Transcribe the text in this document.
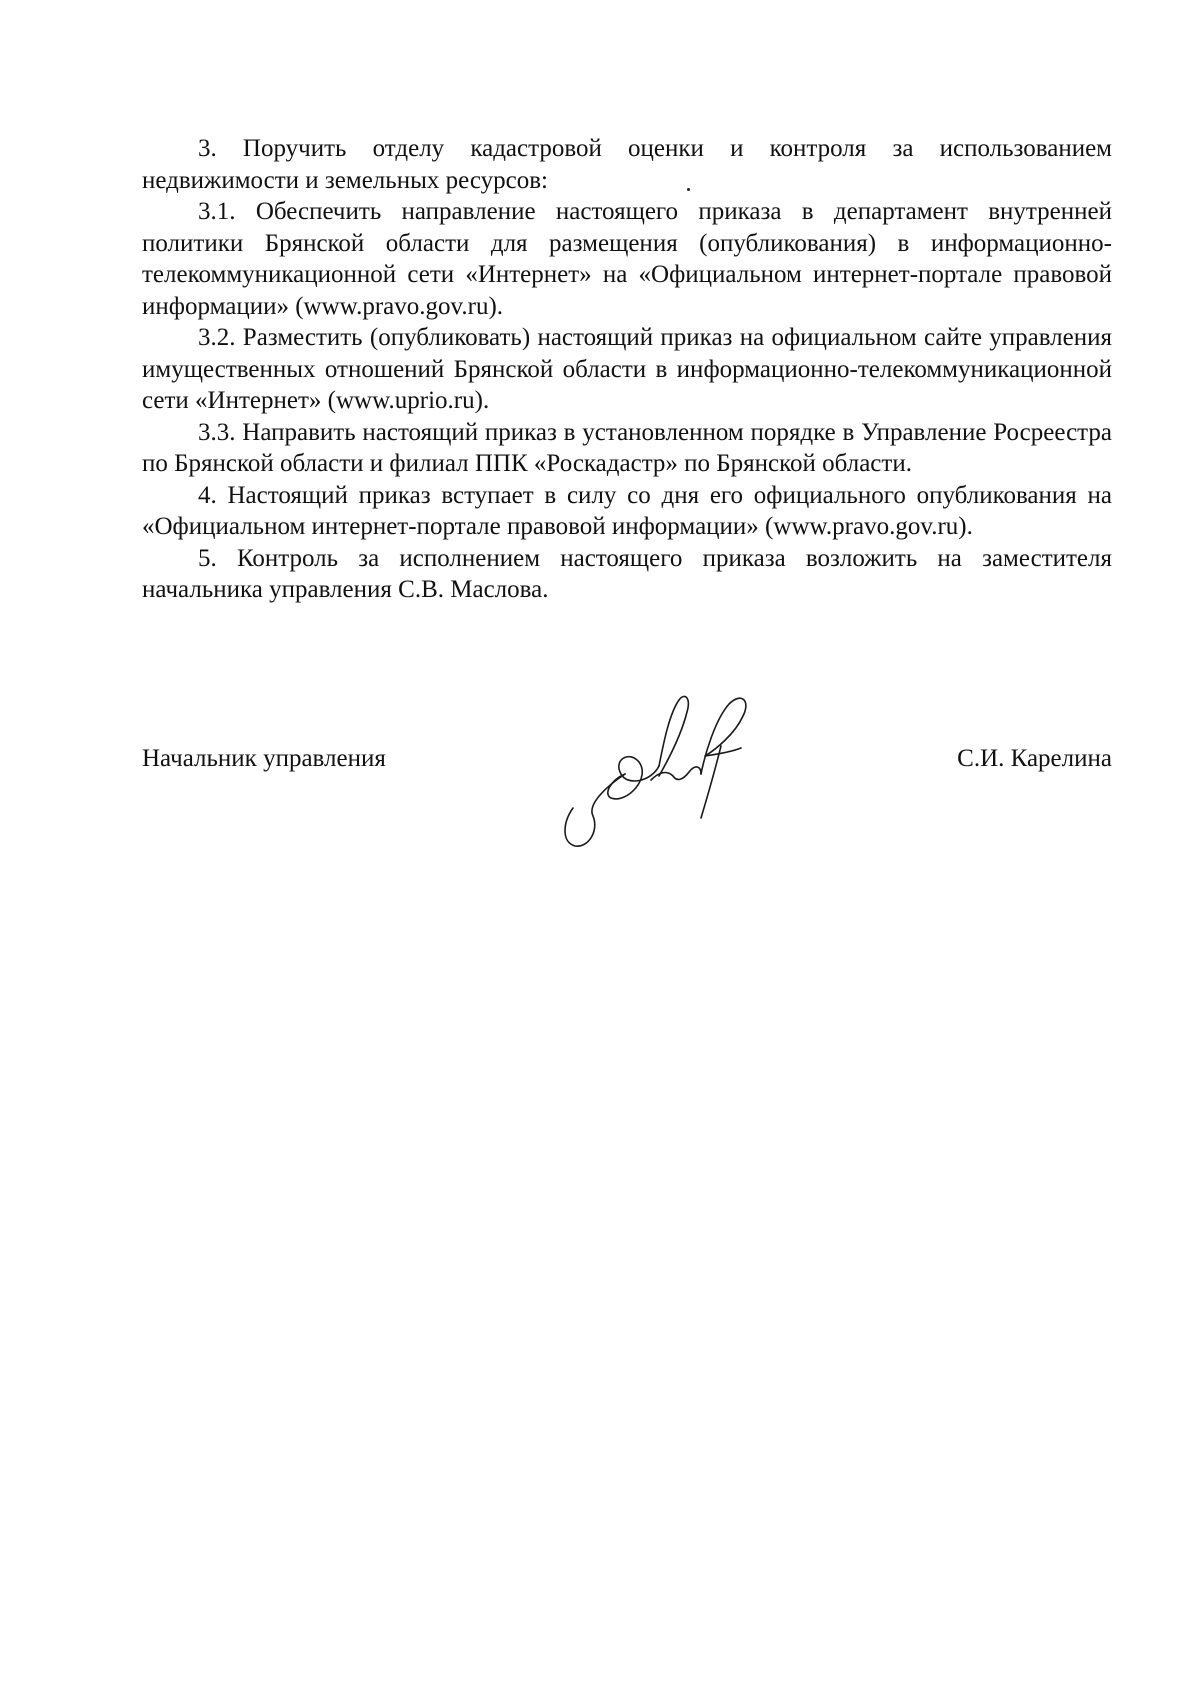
3. Поручить отделу кадастровой оценки и контроля за использованием недвижимости и земельных ресурсов:

3.1. Обеспечить направление настоящего приказа в департамент внутренней политики Брянской области для размещения (опубликования) в информационно-телекоммуникационной сети «Интернет» на «Официальном интернет-портале правовой информации» (www.pravo.gov.ru).

3.2. Разместить (опубликовать) настоящий приказ на официальном сайте управления имущественных отношений Брянской области в информационно-телекоммуникационной сети «Интернет» (www.uprio.ru).

3.3. Направить настоящий приказ в установленном порядке в Управление Росреестра по Брянской области и филиал ППК «Роскадастр» по Брянской области.

4. Настоящий приказ вступает в силу со дня его официального опубликования на «Официальном интернет-портале правовой информации» (www.pravo.gov.ru).

5. Контроль за исполнением настоящего приказа возложить на заместителя начальника управления С.В. Маслова.

Начальник управления	С.И. Карелина
